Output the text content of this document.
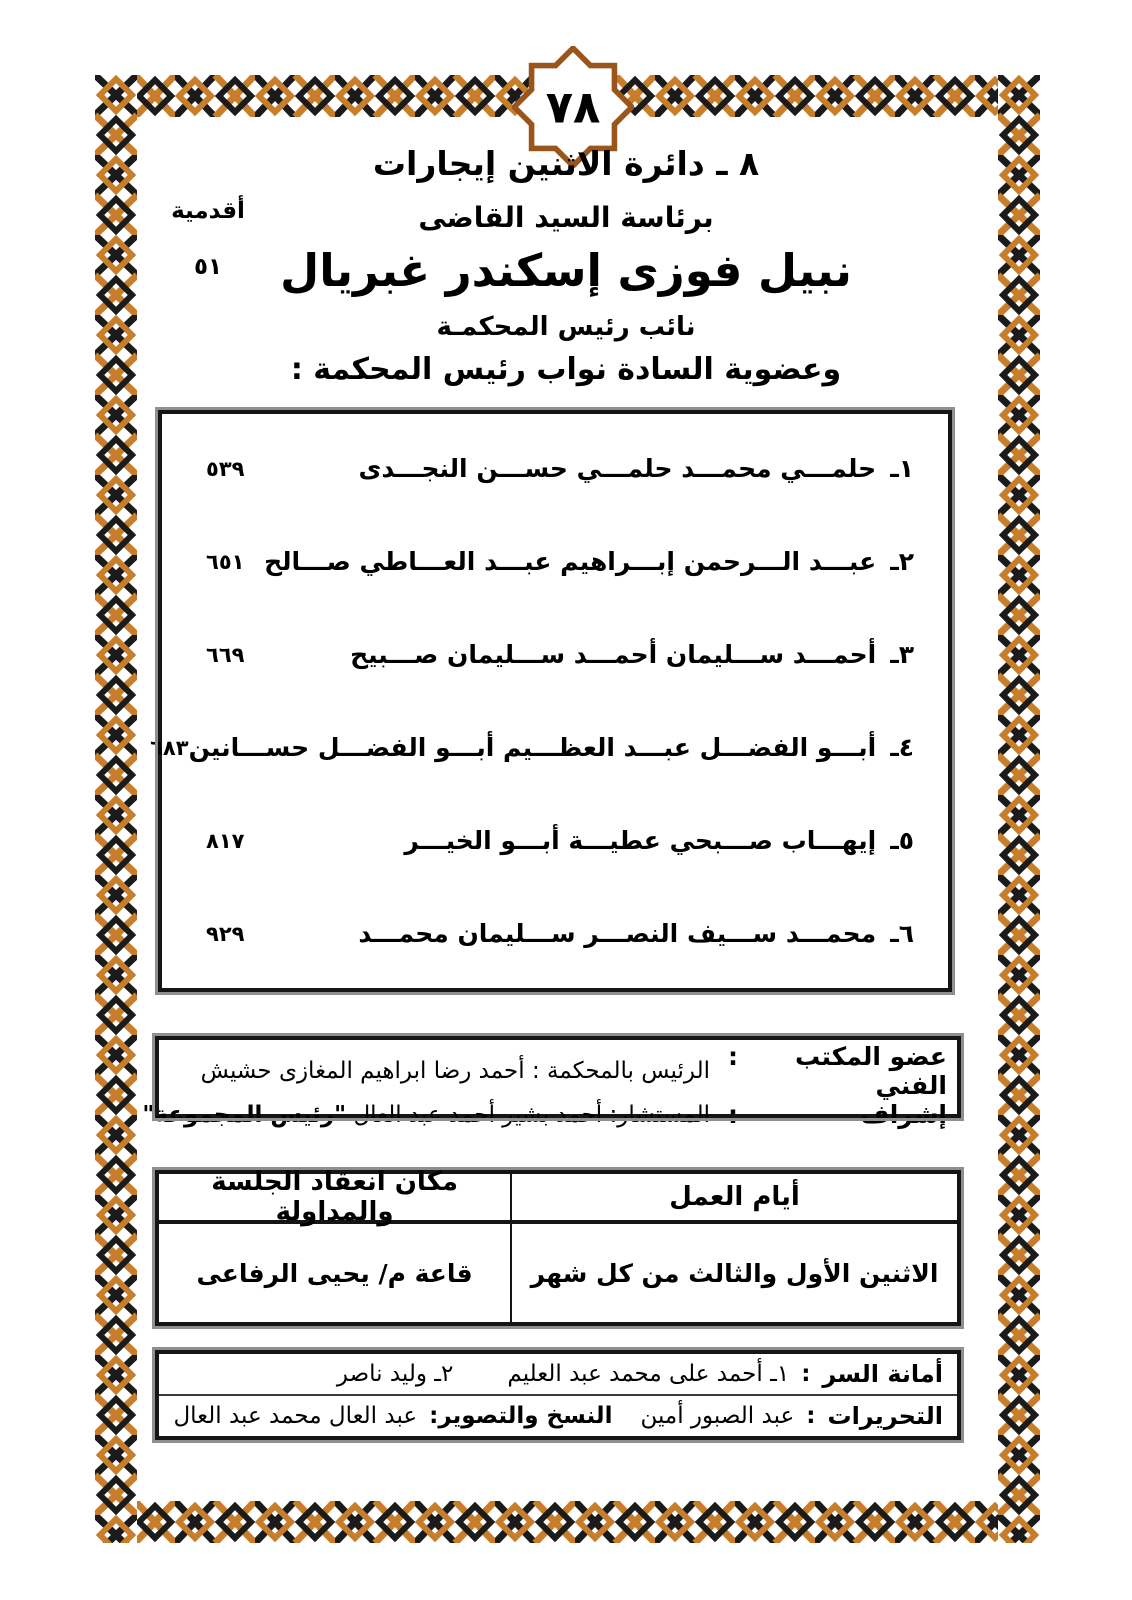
٧٨
أقدمية
٥١
٨ ـ دائرة الاثنين إيجارات
برئاسة السيد القاضى
نبيل فوزى إسكندر غبريال
نائب رئيس المحكمـة
وعضوية السادة نواب رئيس المحكمة :
١ـ
حلمـــي محمـــد حلمـــي حســـن النجـــدى
٥٣٩
٢ـ
عبـــد الـــرحمن إبـــراهيم عبـــد العـــاطي صـــالح
٦٥١
٣ـ
أحمـــد ســـليمان أحمـــد ســـليمان صـــبيح
٦٦٩
٤ـ
أبـــو الفضـــل عبـــد العظـــيم أبـــو الفضـــل حســـانين
٦٨٣
٥ـ
إيهـــاب صـــبحي عطيـــة أبـــو الخيـــر
٨١٧
٦ـ
محمـــد ســـيف النصـــر ســـليمان محمـــد
٩٢٩
عضو المكتب الفني
:
الرئيس بالمحكمة : أحمد رضا ابراهيم المغازى حشيش
إشراف
:
المستشار: أحمد بشير أحمد عبد العال "رئيس المجموعة"
أيام العمل
مكان انعقاد الجلسة والمداولة
الاثنين الأول والثالث من كل شهر
قاعة م/ يحيى الرفاعى
أمانة السر
:
١ـ أحمد على محمد عبد العليم
٢ـ وليد ناصر
التحريرات
:
عبد الصبور أمين
النسخ والتصوير:
عبد العال محمد عبد العال
